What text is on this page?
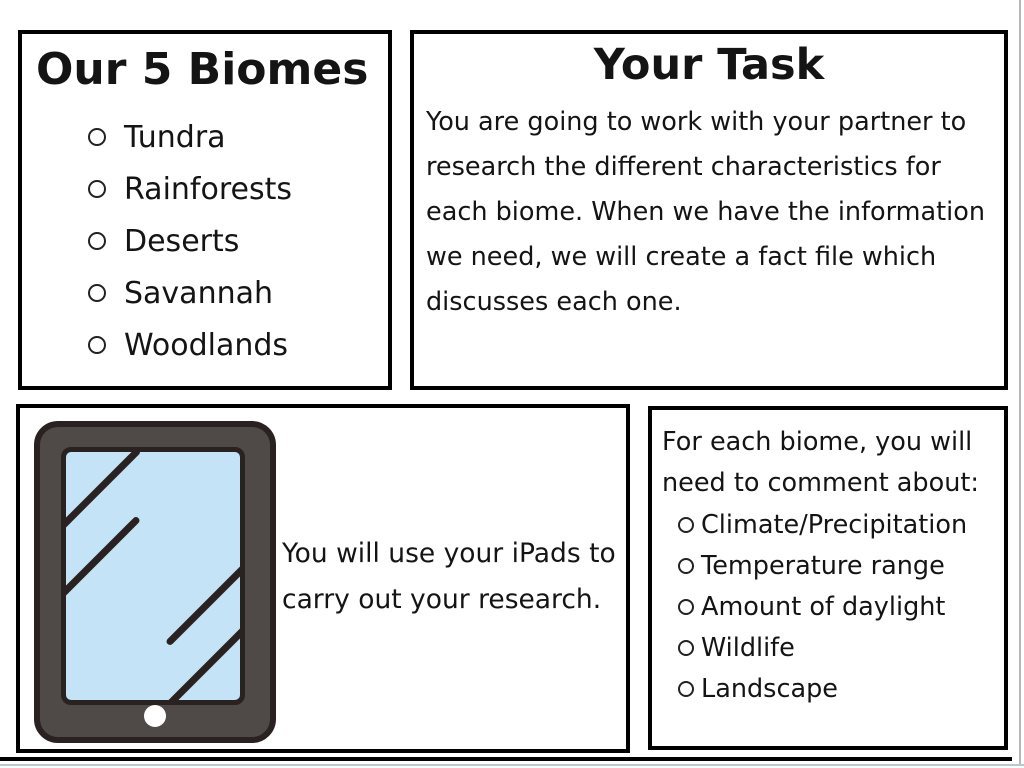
Our 5 Biomes
Tundra
Rainforests
Deserts
Savannah
Woodlands
Your Task

You are going to work with your partner to research the different characteristics for each biome. When we have the information we need, we will create a fact file which discusses each one.

You will use your iPads to carry out your research.

For each biome, you will need to comment about:

Climate/Precipitation
Temperature range
Amount of daylight
Wildlife
Landscape
